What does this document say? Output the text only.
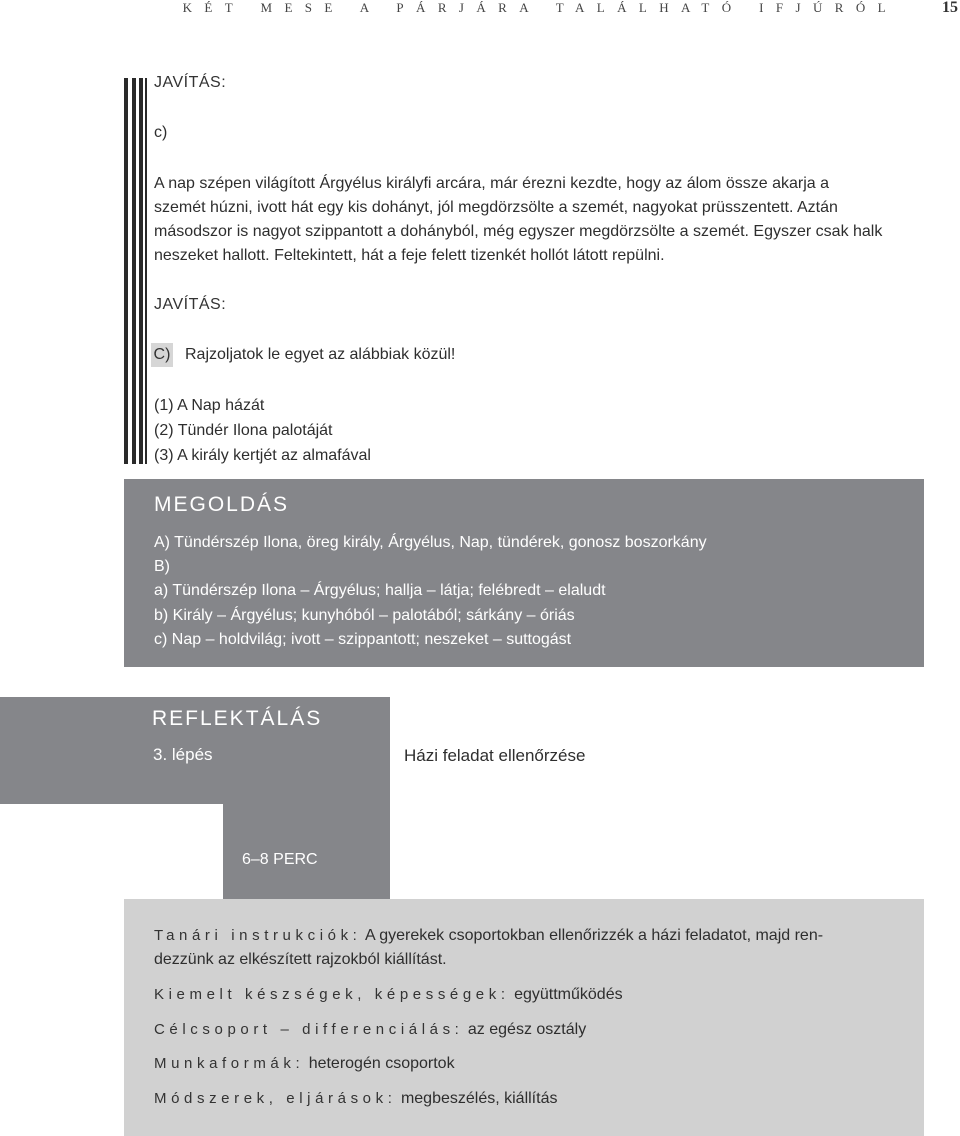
KÉT MESE A PÁRJÁRA TALÁLHATÓ IFJÚRÓL	15
JAVÍTÁS:
c)
A nap szépen világított Árgyélus királyfi arcára, már érezni kezdte, hogy az álom össze akarja a
szemét húzni, ivott hát egy kis dohányt, jól megdörzsölte a szemét, nagyokat prüsszentett. Aztán
másodszor is nagyot szippantott a dohányból, még egyszer megdörzsölte a szemét. Egyszer csak halk
neszeket hallott. Feltekintett, hát a feje felett tizenkét hollót látott repülni.
JAVÍTÁS:
C) Rajzoljatok le egyet az alábbiak közül!
(1) A Nap házát
(2) Tündér Ilona palotáját
(3) A király kertjét az almafával
MEGOLDÁS
A) Tündérszép Ilona, öreg király, Árgyélus, Nap, tündérek, gonosz boszorkány
B)
a) Tündérszép Ilona – Árgyélus; hallja – látja; felébredt – elaludt
b) Király – Árgyélus; kunyhóból – palotából; sárkány – óriás
c) Nap – holdvilág; ivott – szippantott; neszeket – suttogást
REFLEKTÁLÁS
3. lépés	Házi feladat ellenőrzése
6–8 PERC
Tanári instrukciók: A gyerekek csoportokban ellenőrizzék a házi feladatot, majd ren-
dezzünk az elkészített rajzokból kiállítást.
Kiemelt készségek, képességek: együttműködés
Célcsoport – differenciálás: az egész osztály
Munkaformák: heterogén csoportok
Módszerek, eljárások: megbeszélés, kiállítás
